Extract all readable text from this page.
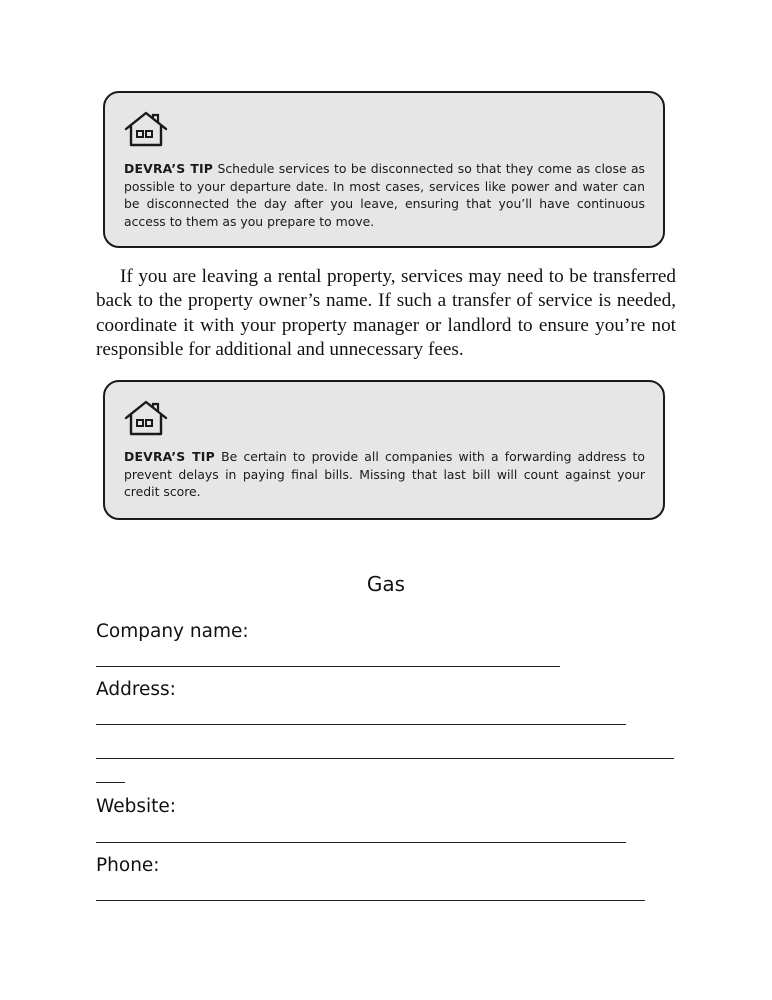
DEVRA’S TIP Schedule services to be disconnected so that they come as close as possible to your departure date. In most cases, services like power and water can be disconnected the day after you leave, ensuring that you’ll have continuous access to them as you prepare to move.

If you are leaving a rental property, services may need to be transferred back to the property owner’s name. If such a transfer of service is needed, coordinate it with your property manager or landlord to ensure you’re not responsible for additional and unnecessary fees.

DEVRA’S TIP Be certain to provide all companies with a forwarding address to prevent delays in paying final bills. Missing that last bill will count against your credit score.
Gas
Company name:
Address:
Website:
Phone:
